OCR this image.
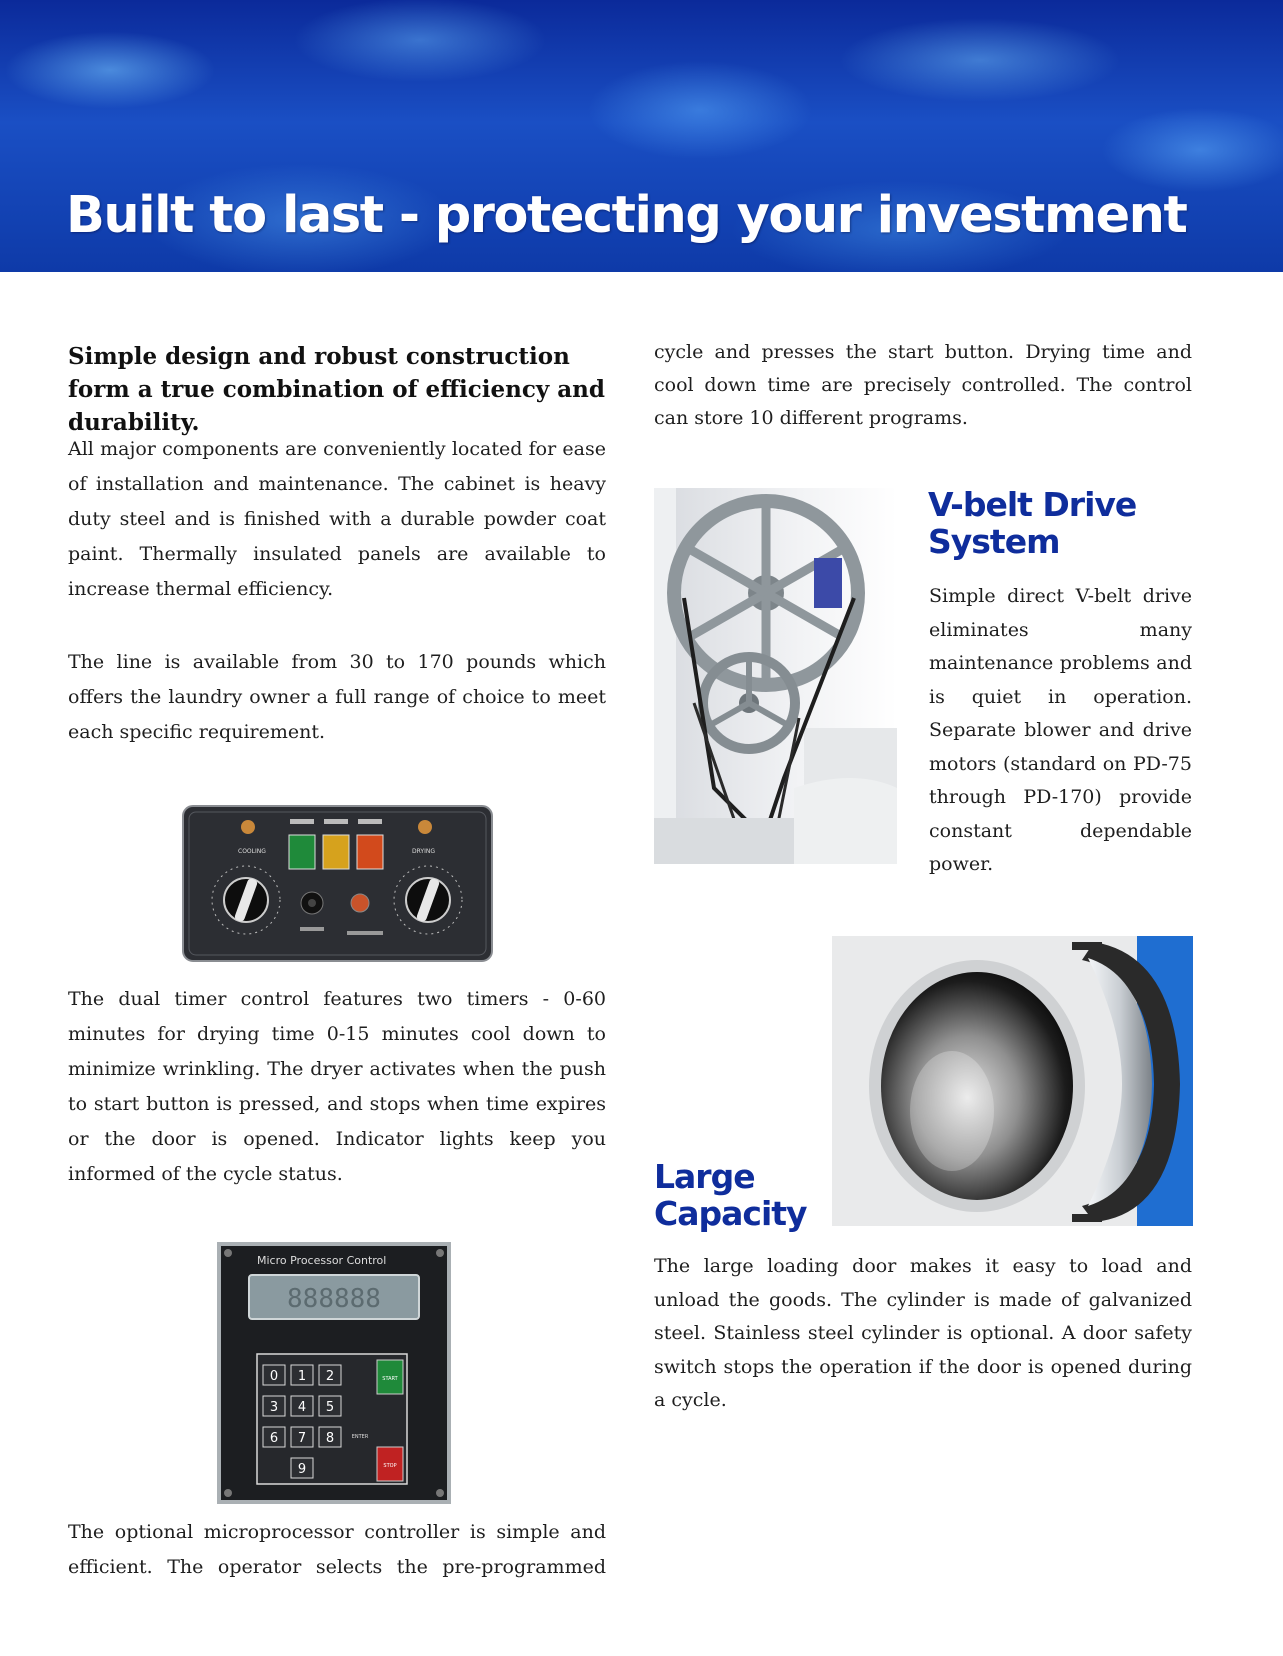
Built to last - protecting your investment

Simple design and robust construction form a true combination of efficiency and durability.

All major components are conveniently located for ease of installation and maintenance. The cabinet is heavy duty steel and is finished with a durable powder coat paint. Thermally insulated panels are available to increase thermal efficiency.

The line is available from 30 to 170 pounds which offers the laundry owner a full range of choice to meet each specific requirement.

COOLING	DRYING

The dual timer control features two timers - 0-60 minutes for drying time 0-15 minutes cool down to minimize wrinkling. The dryer activates when the push to start button is pressed, and stops when time expires or the door is opened. Indicator lights keep you informed of the cycle status.

Micro Processor Control
888888
0 1 2
3 4 5
6 7 8
9
START
STOP
ENTER

The optional microprocessor controller is simple and efficient. The operator selects the pre-programmed

cycle and presses the start button. Drying time and cool down time are precisely controlled. The control can store 10 different programs.

V-belt Drive

System

Simple direct V-belt drive eliminates many maintenance problems and is quiet in operation. Separate blower and drive motors (standard on PD-75 through PD-170) provide constant dependable power.

Large

Capacity

The large loading door makes it easy to load and unload the goods. The cylinder is made of galvanized steel. Stainless steel cylinder is optional. A door safety switch stops the operation if the door is opened during a cycle.
